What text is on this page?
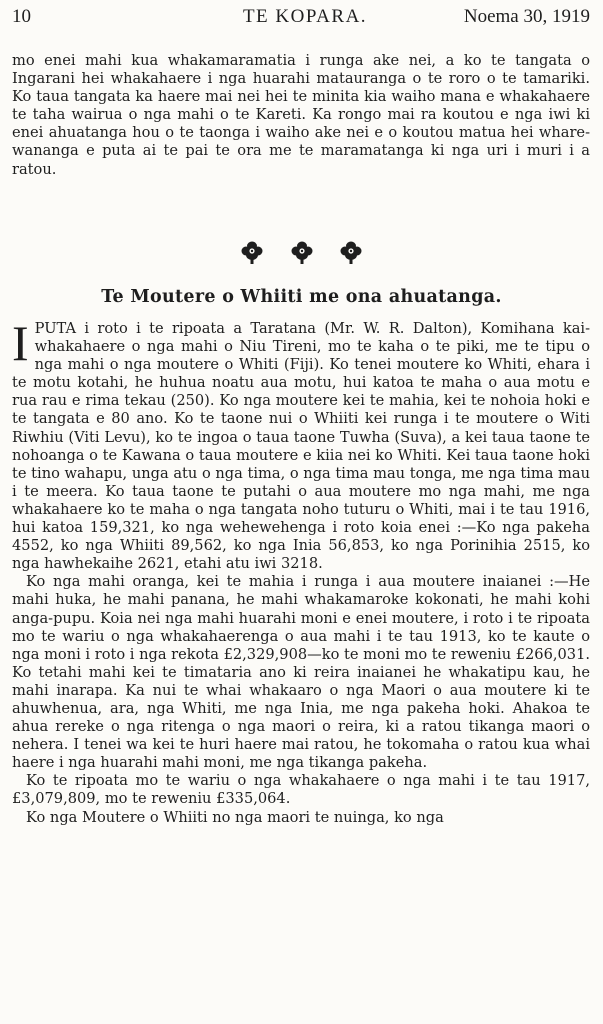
10	TE KOPARA.	Noema 30, 1919

mo enei mahi kua whakamaramatia i runga ake nei, a ko te tangata o Ingarani hei whakahaere i nga huarahi matauranga o te roro o te tamariki. Ko taua tangata ka haere mai nei hei te minita kia waiho mana e whakahaere te taha wairua o nga mahi o te Kareti. Ka rongo mai ra koutou e nga iwi ki enei ahuatanga hou o te taonga i waiho ake nei e o koutou matua hei whare-wananga e puta ai te pai te ora me te maramatanga ki nga uri i muri i a ratou.

Te Moutere o Whiiti me ona ahuatanga.

IPUTA i roto i te ripoata a Taratana (Mr. W. R. Dalton), Komihana kai-whakahaere o nga mahi o Niu Tireni, mo te kaha o te piki, me te tipu o nga mahi o nga moutere o Whiti (Fiji). Ko tenei moutere ko Whiti, ehara i te motu kotahi, he huhua noatu aua motu, hui katoa te maha o aua motu e rua rau e rima tekau (250). Ko nga moutere kei te mahia, kei te nohoia hoki e te tangata e 80 ano. Ko te taone nui o Whiiti kei runga i te moutere o Witi Riwhiu (Viti Levu), ko te ingoa o taua taone Tuwha (Suva), a kei taua taone te nohoanga o te Kawana o taua moutere e kiia nei ko Whiti. Kei taua taone hoki te tino wahapu, unga atu o nga tima, o nga tima mau tonga, me nga tima mau i te meera. Ko taua taone te putahi o aua moutere mo nga mahi, me nga whakahaere ko te maha o nga tangata noho tuturu o Whiti, mai i te tau 1916, hui katoa 159,321, ko nga wehewehenga i roto koia enei :—Ko nga pakeha 4552, ko nga Whiiti 89,562, ko nga Inia 56,853, ko nga Porinihia 2515, ko nga hawhekaihe 2621, etahi atu iwi 3218.

Ko nga mahi oranga, kei te mahia i runga i aua moutere inaianei :—He mahi huka, he mahi panana, he mahi whakamaroke kokonati, he mahi kohi anga-pupu. Koia nei nga mahi huarahi moni e enei moutere, i roto i te ripoata mo te wariu o nga whakahaerenga o aua mahi i te tau 1913, ko te kaute o nga moni i roto i nga rekota £2,329,908—ko te moni mo te reweniu £266,031. Ko tetahi mahi kei te timataria ano ki reira inaianei he whakatipu kau, he mahi inarapa. Ka nui te whai whakaaro o nga Maori o aua moutere ki te ahuwhenua, ara, nga Whiti, me nga Inia, me nga pakeha hoki. Ahakoa te ahua rereke o nga ritenga o nga maori o reira, ki a ratou tikanga maori o nehera. I tenei wa kei te huri haere mai ratou, he tokomaha o ratou kua whai haere i nga huarahi mahi moni, me nga tikanga pakeha.

Ko te ripoata mo te wariu o nga whakahaere o nga mahi i te tau 1917, £3,079,809, mo te reweniu £335,064.

Ko nga Moutere o Whiiti no nga maori te nuinga, ko nga
